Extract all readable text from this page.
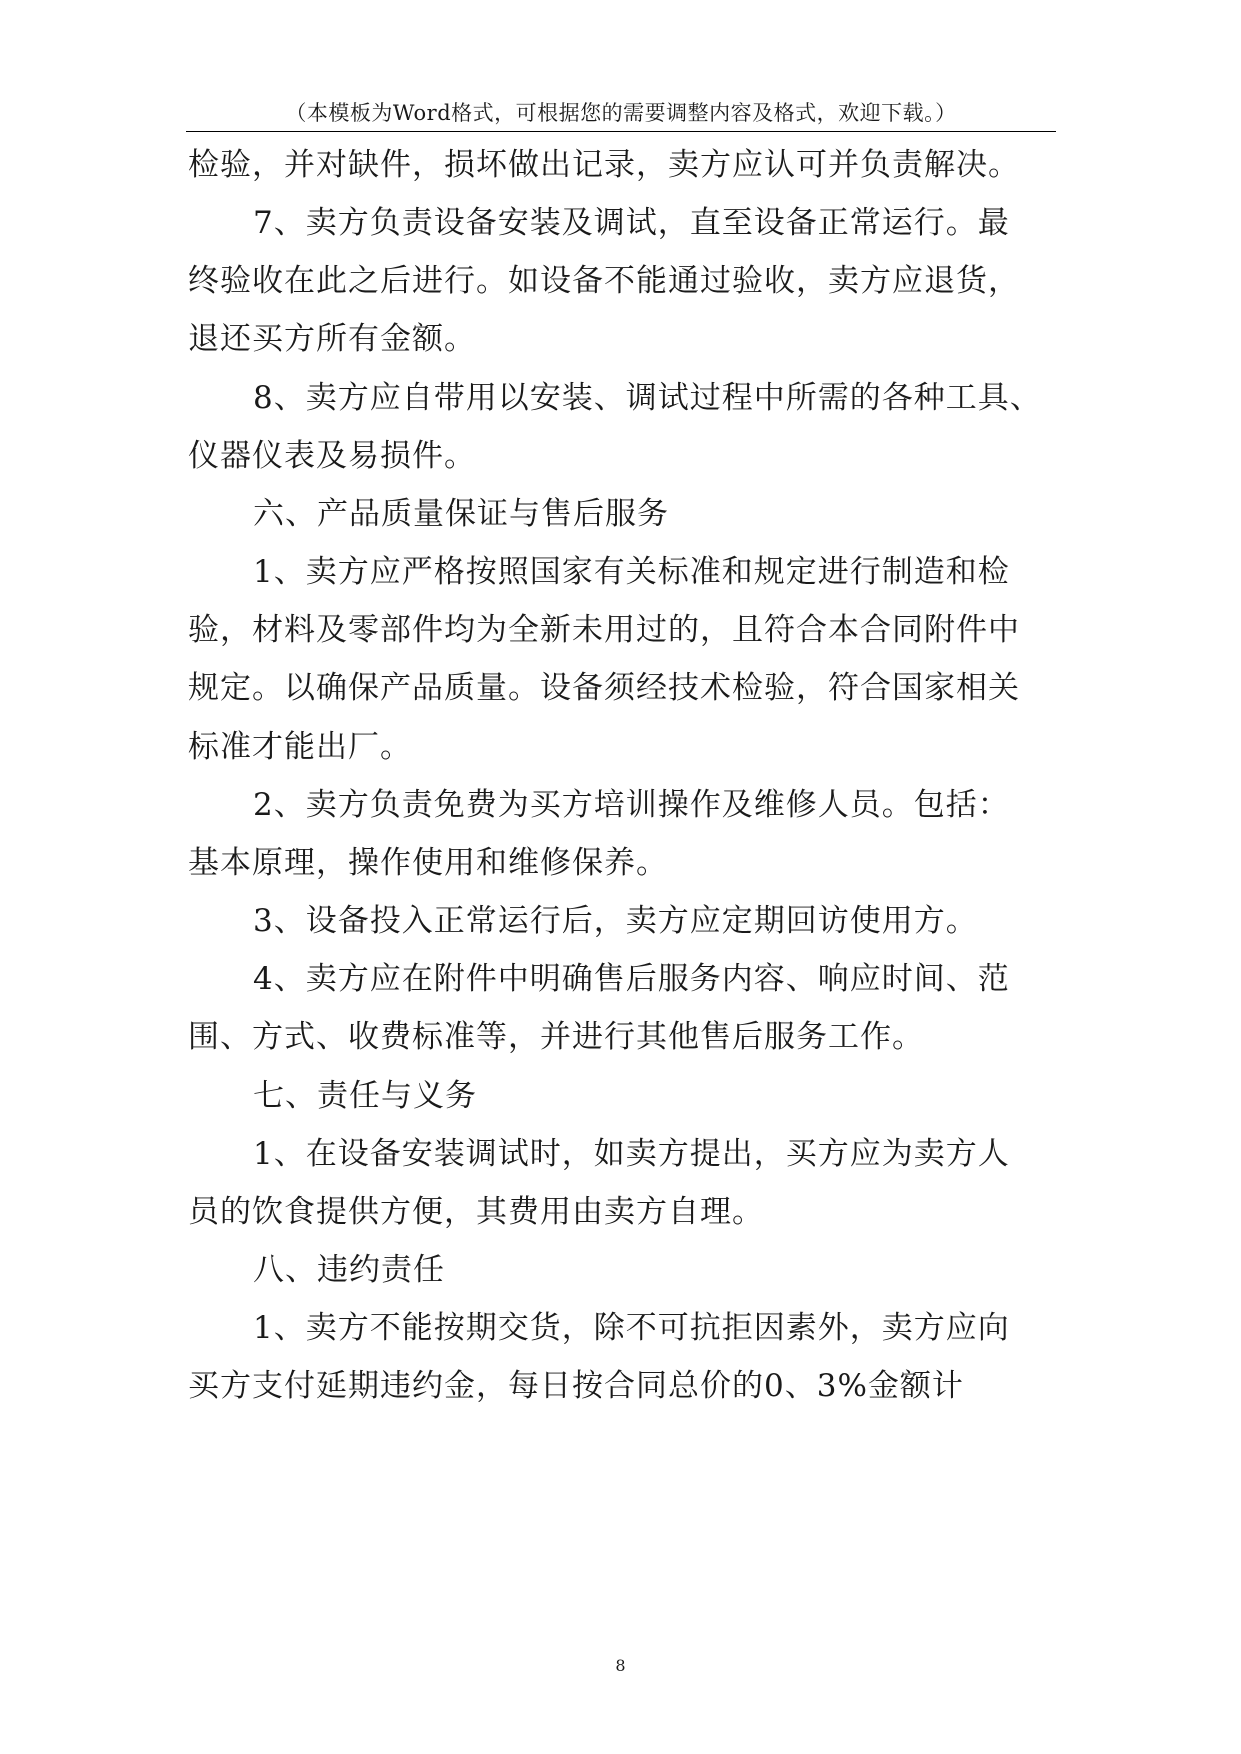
（本模板为Word格式，可根据您的需要调整内容及格式，欢迎下载。）
检验，并对缺件，损坏做出记录，卖方应认可并负责解决。
7、卖方负责设备安装及调试，直至设备正常运行。最
终验收在此之后进行。如设备不能通过验收，卖方应退货，
退还买方所有金额。
8、卖方应自带用以安装、调试过程中所需的各种工具、
仪器仪表及易损件。
六、产品质量保证与售后服务
1、卖方应严格按照国家有关标准和规定进行制造和检
验，材料及零部件均为全新未用过的，且符合本合同附件中
规定。以确保产品质量。设备须经技术检验，符合国家相关
标准才能出厂。
2、卖方负责免费为买方培训操作及维修人员。包括：
基本原理，操作使用和维修保养。
3、设备投入正常运行后，卖方应定期回访使用方。
4、卖方应在附件中明确售后服务内容、响应时间、范
围、方式、收费标准等，并进行其他售后服务工作。
七、责任与义务
1、在设备安装调试时，如卖方提出，买方应为卖方人
员的饮食提供方便，其费用由卖方自理。
八、违约责任
1、卖方不能按期交货，除不可抗拒因素外，卖方应向
买方支付延期违约金，每日按合同总价的0、3%金额计
8
